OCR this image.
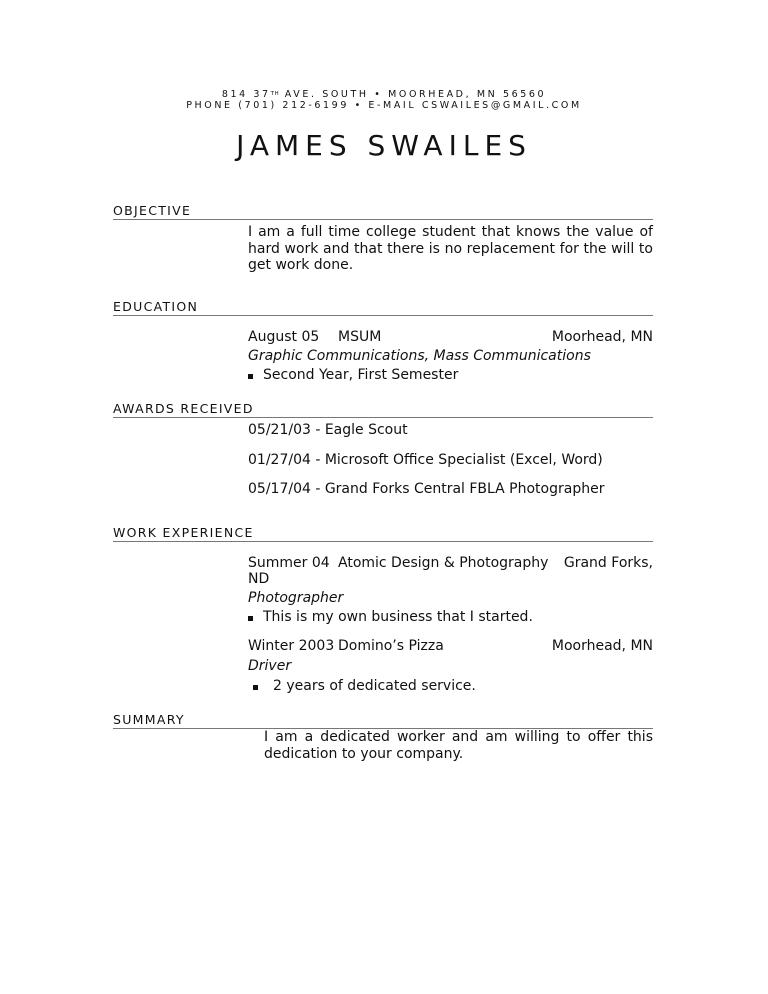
814 37TH AVE. SOUTH • MOORHEAD, MN 56560
PHONE (701) 212-6199 • E-MAIL CSWAILES@GMAIL.COM
JAMES SWAILES
OBJECTIVE
I am a full time college student that knows the value of hard work and that there is no replacement for the will to get work done.
EDUCATION
August 05 MSUM	Moorhead, MN
Graphic Communications, Mass Communications
Second Year, First Semester
AWARDS RECEIVED
05/21/03 - Eagle Scout
01/27/04 - Microsoft Office Specialist (Excel, Word)
05/17/04 - Grand Forks Central FBLA Photographer
WORK EXPERIENCE
Summer 04 Atomic Design & Photography Grand Forks,
ND
Photographer
This is my own business that I started.
Winter 2003 Domino’s Pizza	Moorhead, MN
Driver
2 years of dedicated service.
SUMMARY
I am a dedicated worker and am willing to offer this dedication to your company.
